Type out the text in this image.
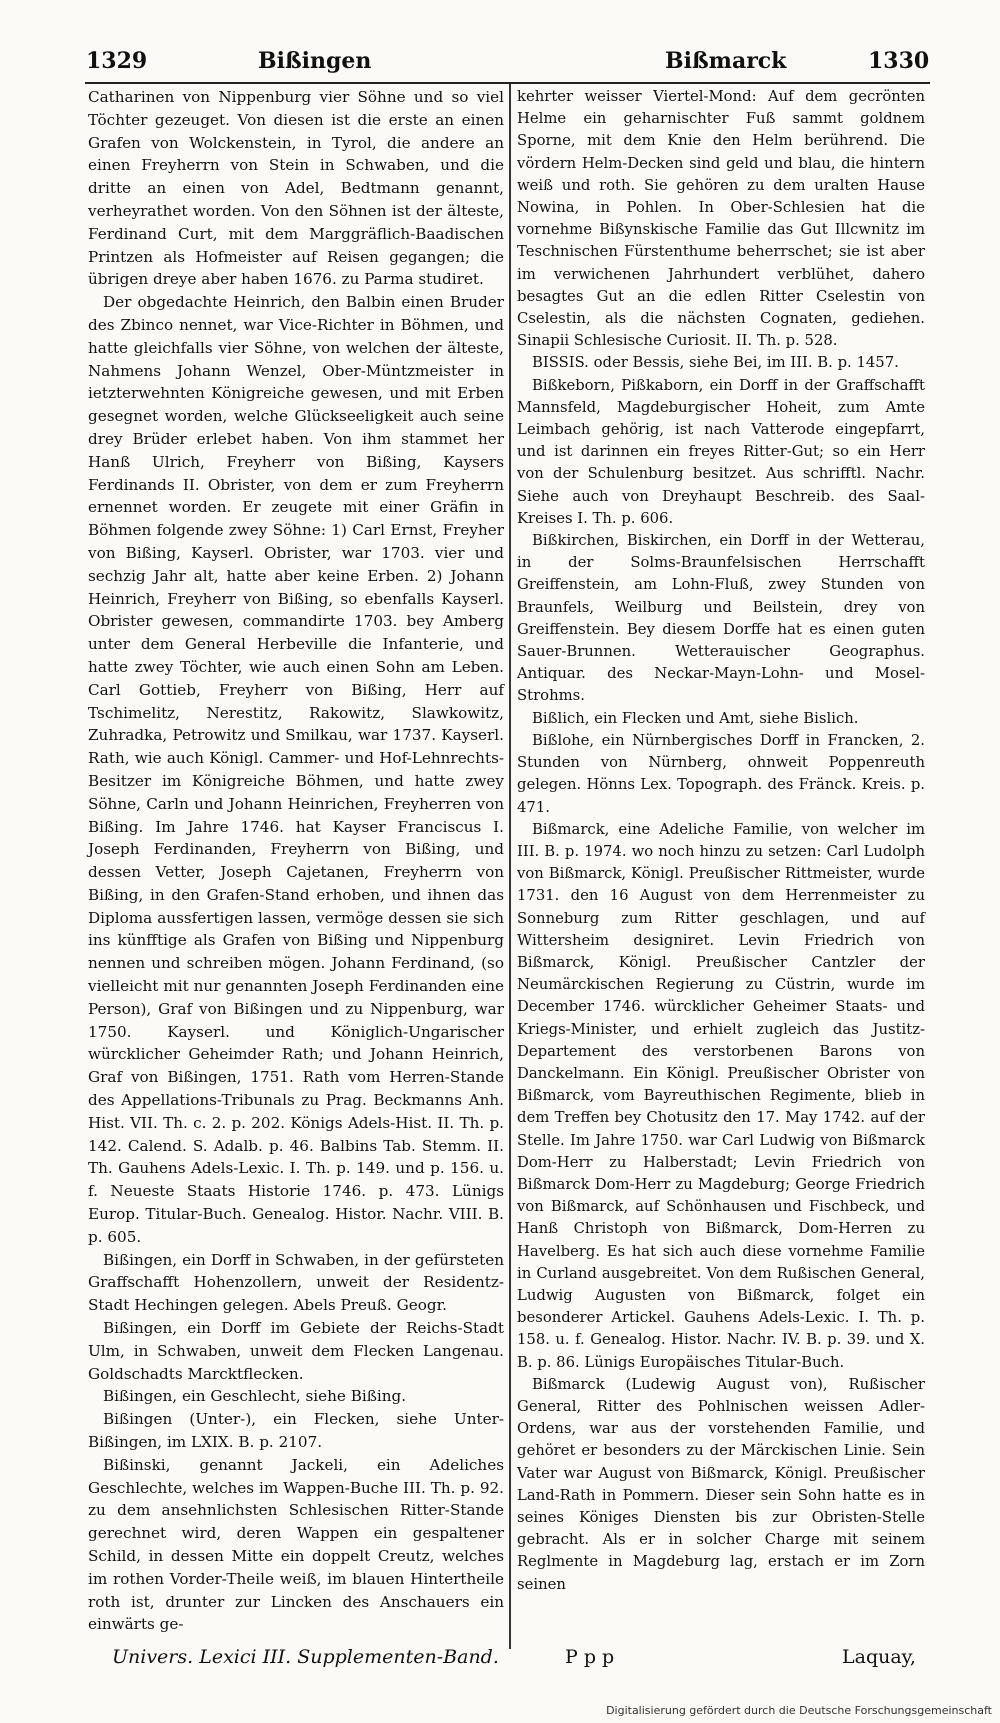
1329	Bißingen	Bißmarck	1330

Catharinen von Nippenburg vier Söhne und so viel Töchter gezeuget. Von diesen ist die erste an einen Grafen von Wolckenstein, in Tyrol, die andere an einen Freyherrn von Stein in Schwaben, und die dritte an einen von Adel, Bedtmann genannt, verheyrathet worden. Von den Söhnen ist der älteste, Ferdinand Curt, mit dem Marggräflich-Baadischen Printzen als Hofmeister auf Reisen gegangen; die übrigen dreye aber haben 1676. zu Parma studiret.

Der obgedachte Heinrich, den Balbin einen Bruder des Zbinco nennet, war Vice-Richter in Böhmen, und hatte gleichfalls vier Söhne, von welchen der älteste, Nahmens Johann Wenzel, Ober-Müntzmeister in ietzterwehnten Königreiche gewesen, und mit Erben gesegnet worden, welche Glückseeligkeit auch seine drey Brüder erlebet haben. Von ihm stammet her Hanß Ulrich, Freyherr von Bißing, Kaysers Ferdinands II. Obrister, von dem er zum Freyherrn ernennet worden. Er zeugete mit einer Gräfin in Böhmen folgende zwey Söhne: 1) Carl Ernst, Freyher von Bißing, Kayserl. Obrister, war 1703. vier und sechzig Jahr alt, hatte aber keine Erben. 2) Johann Heinrich, Freyherr von Bißing, so ebenfalls Kayserl. Obrister gewesen, commandirte 1703. bey Amberg unter dem General Herbeville die Infanterie, und hatte zwey Töchter, wie auch einen Sohn am Leben. Carl Gottieb, Freyherr von Bißing, Herr auf Tschimelitz, Nerestitz, Rakowitz, Slawkowitz, Zuhradka, Petrowitz und Smilkau, war 1737. Kayserl. Rath, wie auch Königl. Cammer- und Hof-Lehnrechts-Besitzer im Königreiche Böhmen, und hatte zwey Söhne, Carln und Johann Heinrichen, Freyherren von Bißing. Im Jahre 1746. hat Kayser Franciscus I. Joseph Ferdinanden, Freyherrn von Bißing, und dessen Vetter, Joseph Cajetanen, Freyherrn von Bißing, in den Grafen-Stand erhoben, und ihnen das Diploma aussfertigen lassen, vermöge dessen sie sich ins künfftige als Grafen von Bißing und Nippenburg nennen und schreiben mögen. Johann Ferdinand, (so vielleicht mit nur genannten Joseph Ferdinanden eine Person), Graf von Bißingen und zu Nippenburg, war 1750. Kayserl. und Königlich-Ungarischer würcklicher Geheimder Rath; und Johann Heinrich, Graf von Bißingen, 1751. Rath vom Herren-Stande des Appellations-Tribunals zu Prag. Beckmanns Anh. Hist. VII. Th. c. 2. p. 202. Königs Adels-Hist. II. Th. p. 142. Calend. S. Adalb. p. 46. Balbins Tab. Stemm. II. Th. Gauhens Adels-Lexic. I. Th. p. 149. und p. 156. u. f. Neueste Staats Historie 1746. p. 473. Lünigs Europ. Titular-Buch. Genealog. Histor. Nachr. VIII. B. p. 605.

Bißingen, ein Dorff in Schwaben, in der gefürsteten Graffschafft Hohenzollern, unweit der Residentz-Stadt Hechingen gelegen. Abels Preuß. Geogr.

Bißingen, ein Dorff im Gebiete der Reichs-Stadt Ulm, in Schwaben, unweit dem Flecken Langenau. Goldschadts Marcktflecken.

Bißingen, ein Geschlecht, siehe Bißing.

Bißingen (Unter-), ein Flecken, siehe Unter-Bißingen, im LXIX. B. p. 2107.

Bißinski, genannt Jackeli, ein Adeliches Geschlechte, welches im Wappen-Buche III. Th. p. 92. zu dem ansehnlichsten Schlesischen Ritter-Stande gerechnet wird, deren Wappen ein gespaltener Schild, in dessen Mitte ein doppelt Creutz, welches im rothen Vorder-Theile weiß, im blauen Hintertheile roth ist, drunter zur Lincken des Anschauers ein einwärts ge-

kehrter weisser Viertel-Mond: Auf dem gecrönten Helme ein geharnischter Fuß sammt goldnem Sporne, mit dem Knie den Helm berührend. Die vördern Helm-Decken sind geld und blau, die hintern weiß und roth. Sie gehören zu dem uralten Hause Nowina, in Pohlen. In Ober-Schlesien hat die vornehme Bißynskische Familie das Gut Illcwnitz im Teschnischen Fürstenthume beherrschet; sie ist aber im verwichenen Jahrhundert verblühet, dahero besagtes Gut an die edlen Ritter Cselestin von Cselestin, als die nächsten Cognaten, gediehen. Sinapii Schlesische Curiosit. II. Th. p. 528.

BISSIS. oder Bessis, siehe Bei, im III. B. p. 1457.

Bißkeborn, Pißkaborn, ein Dorff in der Graffschafft Mannsfeld, Magdeburgischer Hoheit, zum Amte Leimbach gehörig, ist nach Vatterode eingepfarrt, und ist darinnen ein freyes Ritter-Gut; so ein Herr von der Schulenburg besitzet. Aus schrifftl. Nachr. Siehe auch von Dreyhaupt Beschreib. des Saal-Kreises I. Th. p. 606.

Bißkirchen, Biskirchen, ein Dorff in der Wetterau, in der Solms-Braunfelsischen Herrschafft Greiffenstein, am Lohn-Fluß, zwey Stunden von Braunfels, Weilburg und Beilstein, drey von Greiffenstein. Bey diesem Dorffe hat es einen guten Sauer-Brunnen. Wetterauischer Geographus. Antiquar. des Neckar-Mayn-Lohn- und Mosel-Strohms.

Bißlich, ein Flecken und Amt, siehe Bislich.

Bißlohe, ein Nürnbergisches Dorff in Francken, 2. Stunden von Nürnberg, ohnweit Poppenreuth gelegen. Hönns Lex. Topograph. des Fränck. Kreis. p. 471.

Bißmarck, eine Adeliche Familie, von welcher im III. B. p. 1974. wo noch hinzu zu setzen: Carl Ludolph von Bißmarck, Königl. Preußischer Rittmeister, wurde 1731. den 16 August von dem Herrenmeister zu Sonneburg zum Ritter geschlagen, und auf Wittersheim designiret. Levin Friedrich von Bißmarck, Königl. Preußischer Cantzler der Neumärckischen Regierung zu Cüstrin, wurde im December 1746. würcklicher Geheimer Staats- und Kriegs-Minister, und erhielt zugleich das Justitz-Departement des verstorbenen Barons von Danckelmann. Ein Königl. Preußischer Obrister von Bißmarck, vom Bayreuthischen Regimente, blieb in dem Treffen bey Chotusitz den 17. May 1742. auf der Stelle. Im Jahre 1750. war Carl Ludwig von Bißmarck Dom-Herr zu Halberstadt; Levin Friedrich von Bißmarck Dom-Herr zu Magdeburg; George Friedrich von Bißmarck, auf Schönhausen und Fischbeck, und Hanß Christoph von Bißmarck, Dom-Herren zu Havelberg. Es hat sich auch diese vornehme Familie in Curland ausgebreitet. Von dem Rußischen General, Ludwig Augusten von Bißmarck, folget ein besonderer Artickel. Gauhens Adels-Lexic. I. Th. p. 158. u. f. Genealog. Histor. Nachr. IV. B. p. 39. und X. B. p. 86. Lünigs Europäisches Titular-Buch.

Bißmarck (Ludewig August von), Rußischer General, Ritter des Pohlnischen weissen Adler-Ordens, war aus der vorstehenden Familie, und gehöret er besonders zu der Märckischen Linie. Sein Vater war August von Bißmarck, Königl. Preußischer Land-Rath in Pommern. Dieser sein Sohn hatte es in seines Königes Diensten bis zur Obristen-Stelle gebracht. Als er in solcher Charge mit seinem Reglmente in Magdeburg lag, erstach er im Zorn seinen

Univers. Lexici III. Supplementen-Band.	P p p	Laquay,
Digitalisierung gefördert durch die Deutsche Forschungsgemeinschaft
